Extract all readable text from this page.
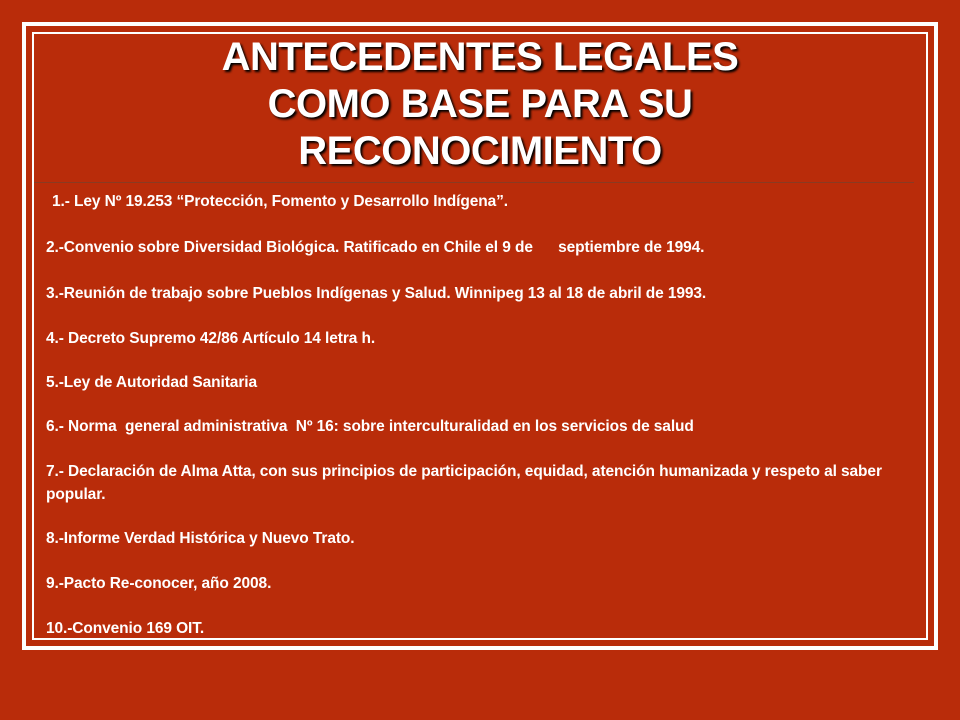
ANTECEDENTES LEGALES
COMO BASE PARA SU
RECONOCIMIENTO
1.- Ley Nº 19.253 “Protección, Fomento y Desarrollo Indígena”.
2.-Convenio sobre Diversidad Biológica. Ratificado en Chile el 9 de      septiembre de 1994.
3.-Reunión de trabajo sobre Pueblos Indígenas y Salud. Winnipeg 13 al 18 de abril de 1993.
4.- Decreto Supremo 42/86 Artículo 14 letra h.
5.-Ley de Autoridad Sanitaria
6.- Norma  general administrativa  Nº 16: sobre interculturalidad en los servicios de salud
7.- Declaración de Alma Atta, con sus principios de participación, equidad, atención humanizada y respeto al saber popular.
8.-Informe Verdad Histórica y Nuevo Trato.
9.-Pacto Re-conocer, año 2008.
10.-Convenio 169 OIT.
